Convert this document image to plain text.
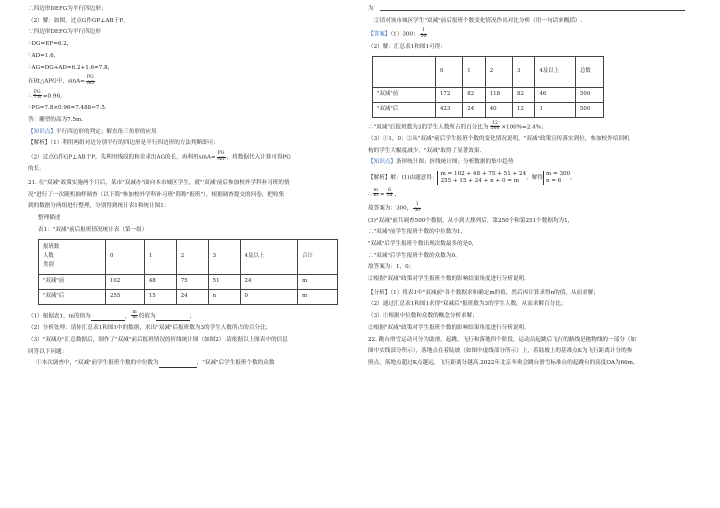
∴四边形DEFG为平行四边形；

（2）解：如图，过点G作GP⊥AB于P，

∵四边形DEFG为平行四边形

∴DG=EF=6.2，

∵AD=1.6，

∴AG=DG+AD=6.2+1.6=7.8，

在Rt△APG中，$\sin A= \frac{PG}{AG}$

∴ $\frac{PG}{7.8} =0.96$，

∴PG=7.8×0.96=7.488≈7.5.

答：雕塑的高为7.5m.

【知识点】平行四边形的判定；解直角三角形的应用

【解析】（1）利用两组对边分别平行的四边形是平行四边形的方法判断即可；

（2）过点G作GP⊥AB于P，先利用线段的和差求出AG的长，再利用$\sin A= \frac{PG}{AG}$ ，将数据代入计算可得PG

的长.

21. 在"双减"政策实施两个月后，某市"双减办"面向本市城区学生，就"'双减'前后参加校外学科补习班的情

况"进行了一次随机抽样调查（以下简"参加校外学科补习班"简称"报班"），根据调查提交的问卷，把收集

到的数据分两组进行整理，分别得到统计表1和统计图1：

整理描述

表1："双减"前后报班情况统计表（第一组）

报班数
人数
类别	0	1	2	3	4及以上	合计
"双减"前	102	48	75	51	24	m
"双减"后	255	15	24	n	0	m

（1）根据表1，m的值为	， $\frac{m}{m}$ 的值为	；

（2）分析处理：请你汇总表1和图1中的数据，求出"双减"后报班数为3的学生人数所占的百分比；

（3）"双减办"汇总数据后，制作了"双减"前后报班情况的折线统计图（如图2）.请依据以上图表中的信息

回答以下问题：

①本次调查中，"双减"前学生报班个数的中位数为	，"双减"后学生报班个数的众数

为

②请对该市城区学生"双减"前后报班个数变化情况作出对比分析（用一句话来概括）.

【答案】（1）300； $\frac{1}{50}$

（2）解：汇总表1和图1可得：

	0	1	2	3	4及以上	总数
"双减"前	172	82	118	82	46	500
"双减"后	423	24	40	12	1	500

∴"双减"后报班数为3的学生人数所占的百分比为 $\frac{12}{500} \times 100\%=2.4\%$；

（3）①1，0；②从"双减"前后学生报班个数的变化情况说明，"双减"政策宣传落实到位，参加校外培训机

构的学生大幅度减少，"双减"取得了显著效果.

【知识点】条形统计图；折线统计图；分析数据的集中趋势

【解析】解：(1)由题意得：m = 102 + 48 + 75 + 51 + 24
255 + 15 + 24 + n + 0 = m ，解得m = 300
n = 6 ，

∴ $\frac{m}{m} = \frac{6}{18}$ ，

故答案为：300， $\frac{1}{50}$

(3)"双减"前共调查500个数据，从小到大排列后，第250个和第251个数据均为1，

∴"双减"前学生报班个数的中位数为1，

"双减"后学生报班个数出现次数最多的是0，

∴"双减"后学生报班个数的众数为0，

故答案为：1，0；

②根据"双减"政策对学生报班个数的影响结果角度进行分析说明.

【分析】（1）将表1中"双减前"各个数据求和确定m的值，然后再计算求得n的值，从而求解；

（2）通过汇总表1和图1求得"双减后"报班数为3的学生人数，从而求解百分比；

（3）①根据中位数和众数的概念分析求解；

②根据"双减"政策对学生报班个数的影响结果角度进行分析说明.

22. 跳台滑雪运动可分为助滑，起跳，飞行和落地四个阶段，运动员起跳后飞行的路线是抛物线的一部分（如

图中实线部分所示），落地点在着陆坡（如图中虚线部分所示）上，着陆坡上的基准点K为飞行距离计分的参

照点，落地点超过K点越远，飞行距离分越高.2022年北京冬奥会跳台滑雪标准台的起跳台的高度OA为66m，
